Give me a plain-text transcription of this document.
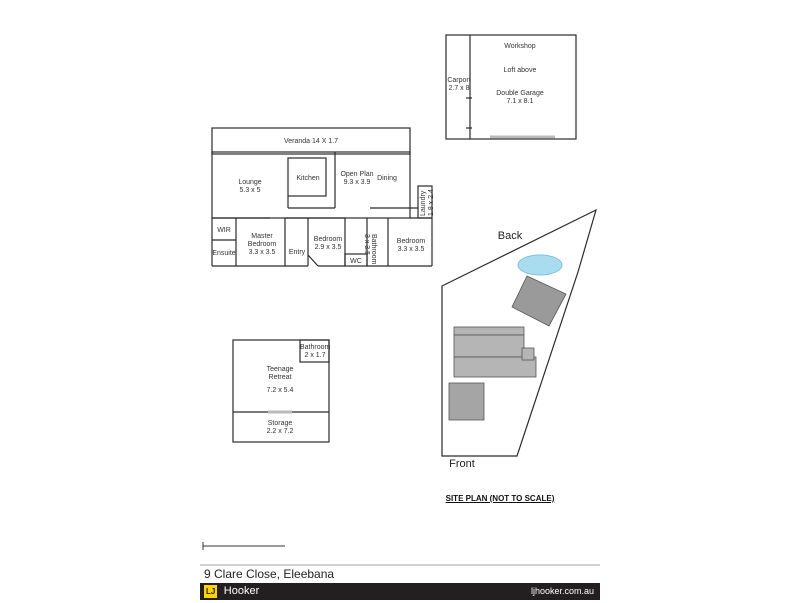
Workshop
Loft above
Double Garage
7.1 x 8.1
Carport
2.7 x 8
Veranda 14 X 1.7
Lounge
5.3 x 5
Kitchen
Open Plan
9.3 x 3.9
Dining
Laundry 1.8 x 2.4
WIR
Ensuite
Master
Bedroom
3.3 x 3.5	Entry
Bedroom
2.9 x 3.5	Bathroom
3 x 3.5
WC
Bedroom
3.3 x 3.5
Bathroom
2 x 1.7
Teenage
Retreat
7.2 x 5.4
Storage
2.2 x 7.2
Back
Front
SITE PLAN (NOT TO SCALE)
9 Clare Close, Eleebana
LJ Hooker	ljhooker.com.au
